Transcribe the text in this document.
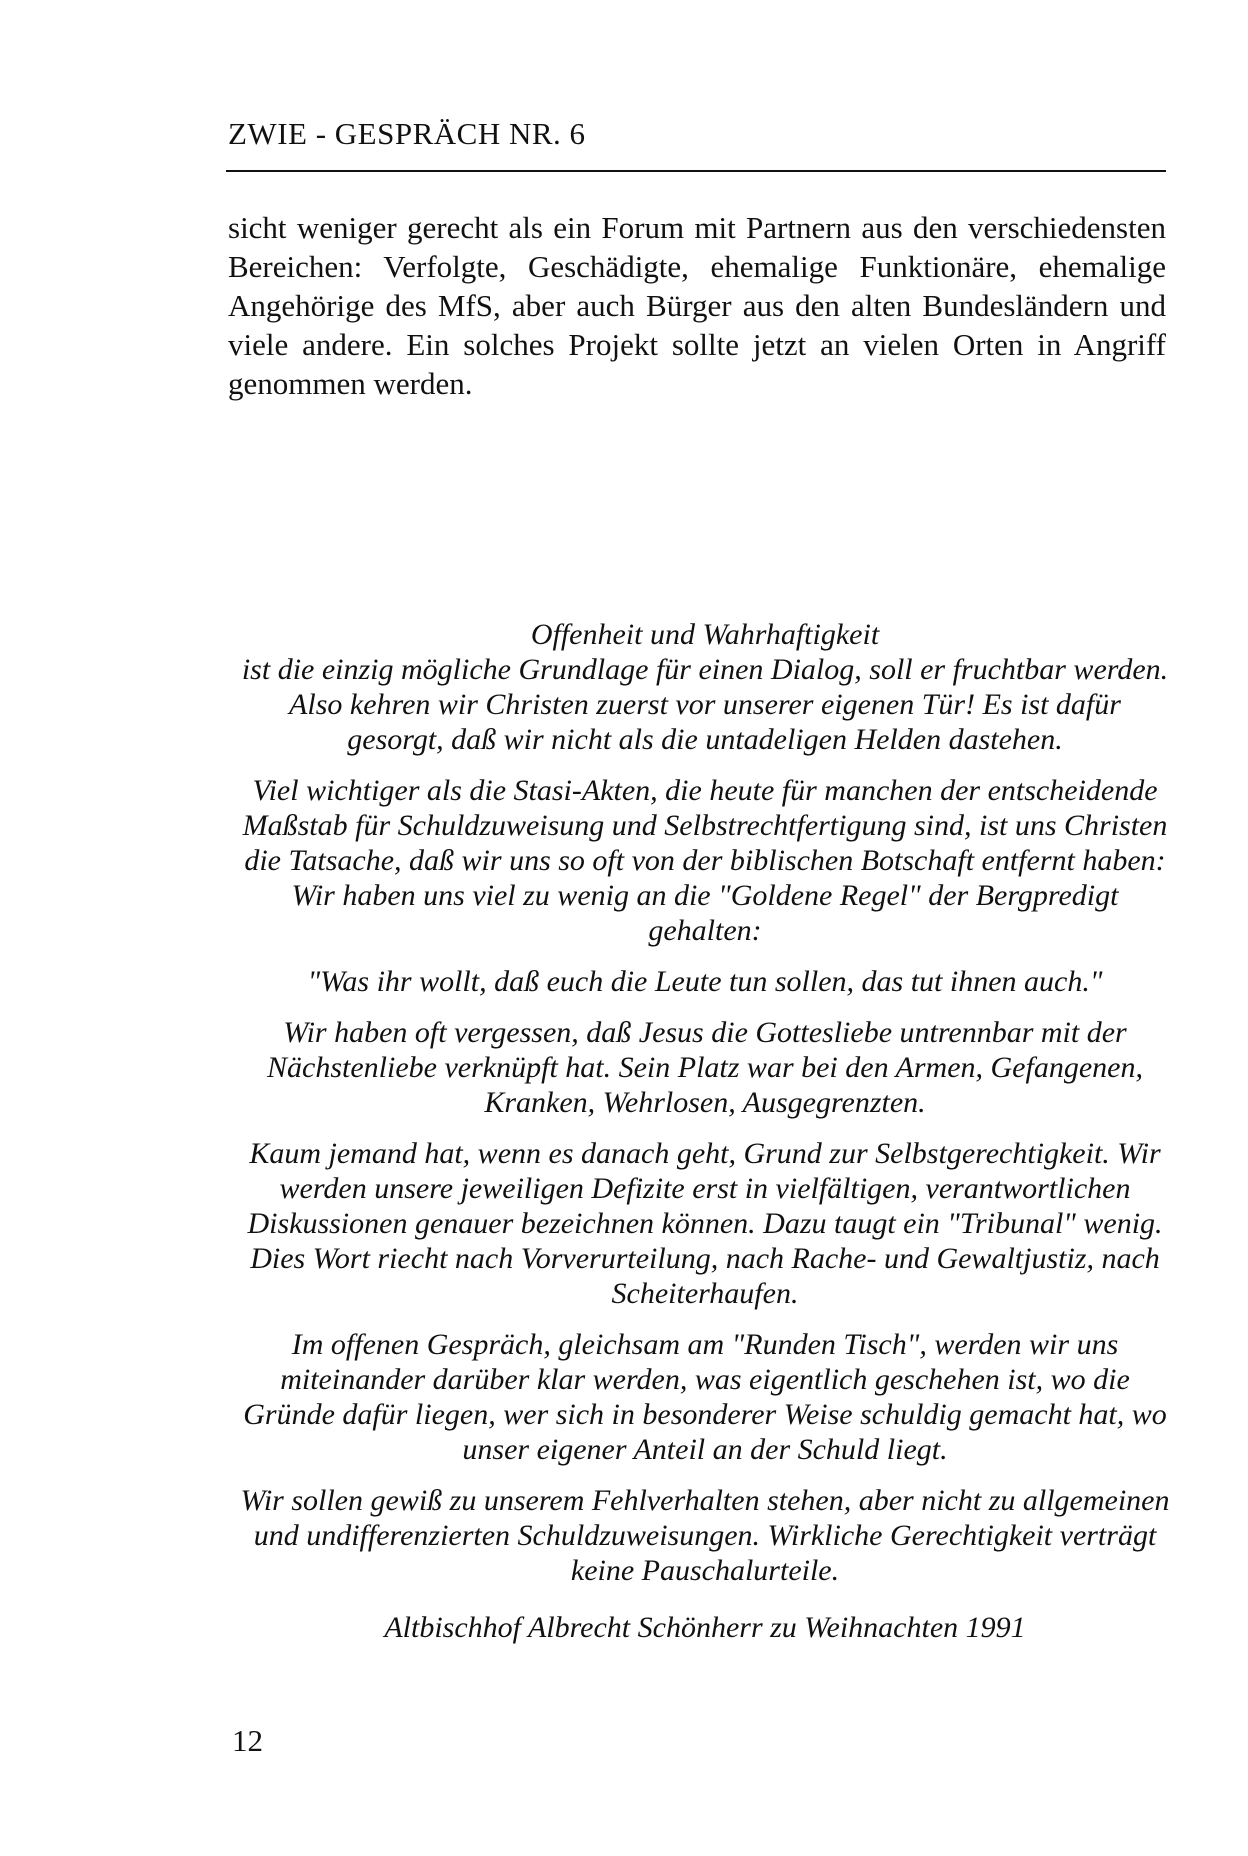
ZWIE - GESPRÄCH NR. 6
sicht weniger gerecht als ein Forum mit Partnern aus den verschiedensten Bereichen: Verfolgte, Geschädigte, ehemalige Funktionäre, ehemalige Angehörige des MfS, aber auch Bürger aus den alten Bundesländern und viele andere. Ein solches Projekt sollte jetzt an vielen Orten in Angriff genommen werden.

Offenheit und Wahrhaftigkeit

ist die einzig mögliche Grundlage für einen Dialog, soll er fruchtbar werden. Also kehren wir Christen zuerst vor unserer eigenen Tür! Es ist dafür gesorgt, daß wir nicht als die untadeligen Helden dastehen.

Viel wichtiger als die Stasi-Akten, die heute für manchen der entscheidende Maßstab für Schuldzuweisung und Selbstrechtfertigung sind, ist uns Christen die Tatsache, daß wir uns so oft von der biblischen Botschaft entfernt haben: Wir haben uns viel zu wenig an die "Goldene Regel" der Bergpredigt gehalten:

"Was ihr wollt, daß euch die Leute tun sollen, das tut ihnen auch."

Wir haben oft vergessen, daß Jesus die Gottesliebe untrennbar mit der Nächstenliebe verknüpft hat. Sein Platz war bei den Armen, Gefangenen, Kranken, Wehrlosen, Ausgegrenzten.

Kaum jemand hat, wenn es danach geht, Grund zur Selbstgerechtigkeit. Wir werden unsere jeweiligen Defizite erst in vielfältigen, verantwortlichen Diskussionen genauer bezeichnen können. Dazu taugt ein "Tribunal" wenig. Dies Wort riecht nach Vorverurteilung, nach Rache- und Gewaltjustiz, nach Scheiterhaufen.

Im offenen Gespräch, gleichsam am "Runden Tisch", werden wir uns miteinander darüber klar werden, was eigentlich geschehen ist, wo die Gründe dafür liegen, wer sich in besonderer Weise schuldig gemacht hat, wo unser eigener Anteil an der Schuld liegt.

Wir sollen gewiß zu unserem Fehlverhalten stehen, aber nicht zu allgemeinen und undifferenzierten Schuldzuweisungen. Wirkliche Gerechtigkeit verträgt keine Pauschalurteile.

Altbischhof Albrecht Schönherr zu Weihnachten 1991
12
